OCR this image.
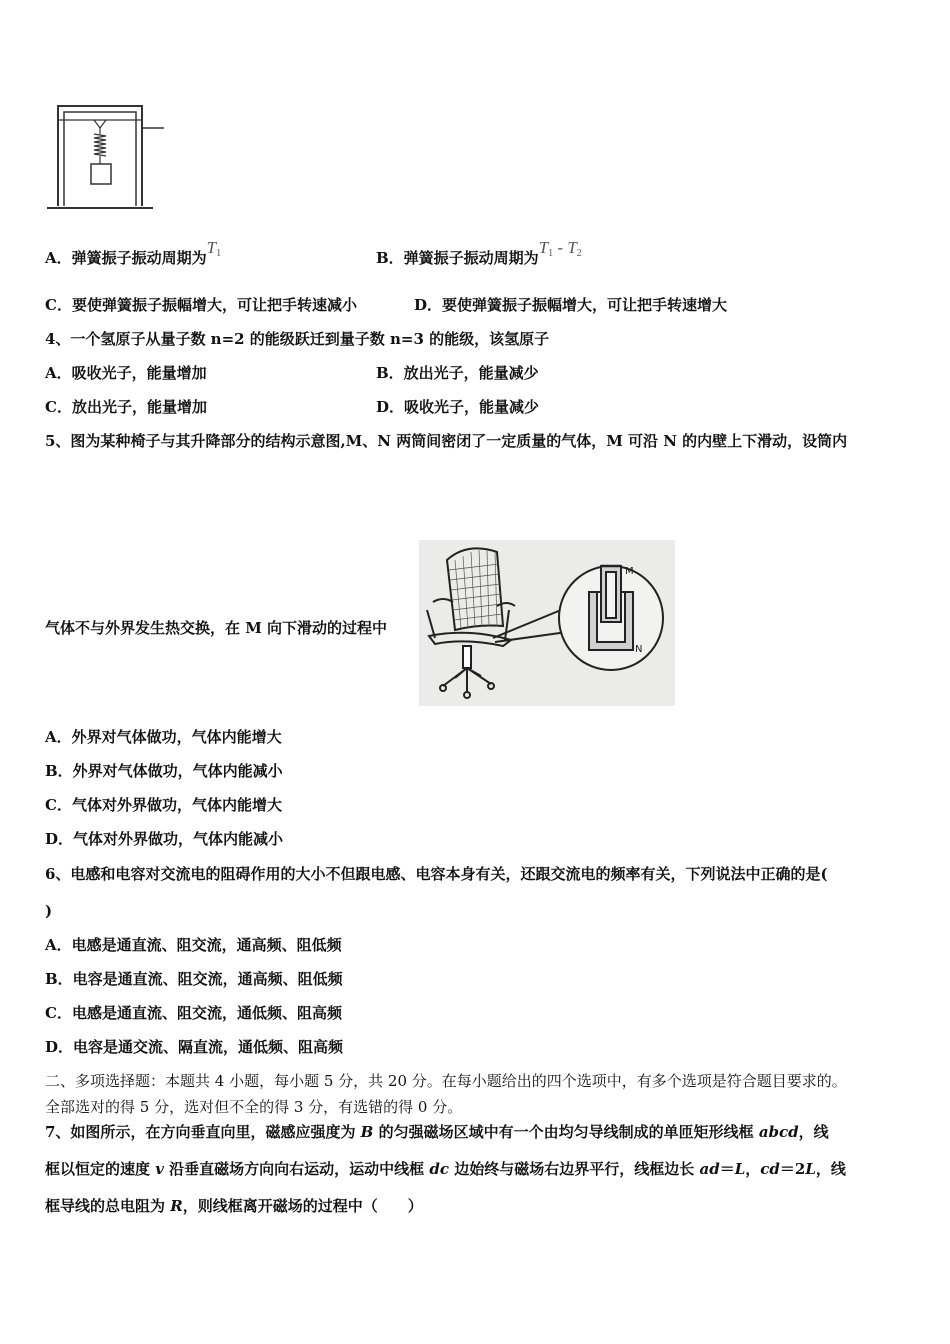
A．弹簧振子振动周期为$T_1$	B．弹簧振子振动周期为$T_1 - T_2$
C．要使弹簧振子振幅增大，可让把手转速减小	D．要使弹簧振子振幅增大，可让把手转速增大
4、一个氢原子从量子数 n=2 的能级跃迁到量子数 n=3 的能级，该氢原子
A．吸收光子，能量增加	B．放出光子，能量减少
C．放出光子，能量增加	D．吸收光子，能量减少
5、图为某种椅子与其升降部分的结构示意图,M、N 两筒间密闭了一定质量的气体，M 可沿 N 的内壁上下滑动，设筒内
气体不与外界发生热交换，在 M 向下滑动的过程中
M
N
A．外界对气体做功，气体内能增大
B．外界对气体做功，气体内能减小
C．气体对外界做功，气体内能增大
D．气体对外界做功，气体内能减小
6、电感和电容对交流电的阻碍作用的大小不但跟电感、电容本身有关，还跟交流电的频率有关，下列说法中正确的是(
)
A．电感是通直流、阻交流，通高频、阻低频
B．电容是通直流、阻交流，通高频、阻低频
C．电感是通直流、阻交流，通低频、阻高频
D．电容是通交流、隔直流，通低频、阻高频
二、多项选择题：本题共 4 小题，每小题 5 分，共 20 分。在每小题给出的四个选项中，有多个选项是符合题目要求的。
全部选对的得 5 分，选对但不全的得 3 分，有选错的得 0 分。
7、如图所示，在方向垂直向里，磁感应强度为 B 的匀强磁场区域中有一个由均匀导线制成的单匝矩形线框 abcd，线
框以恒定的速度 v 沿垂直磁场方向向右运动，运动中线框 dc 边始终与磁场右边界平行，线框边长 ad＝L，cd＝2L，线
框导线的总电阻为 R，则线框离开磁场的过程中（　　）
